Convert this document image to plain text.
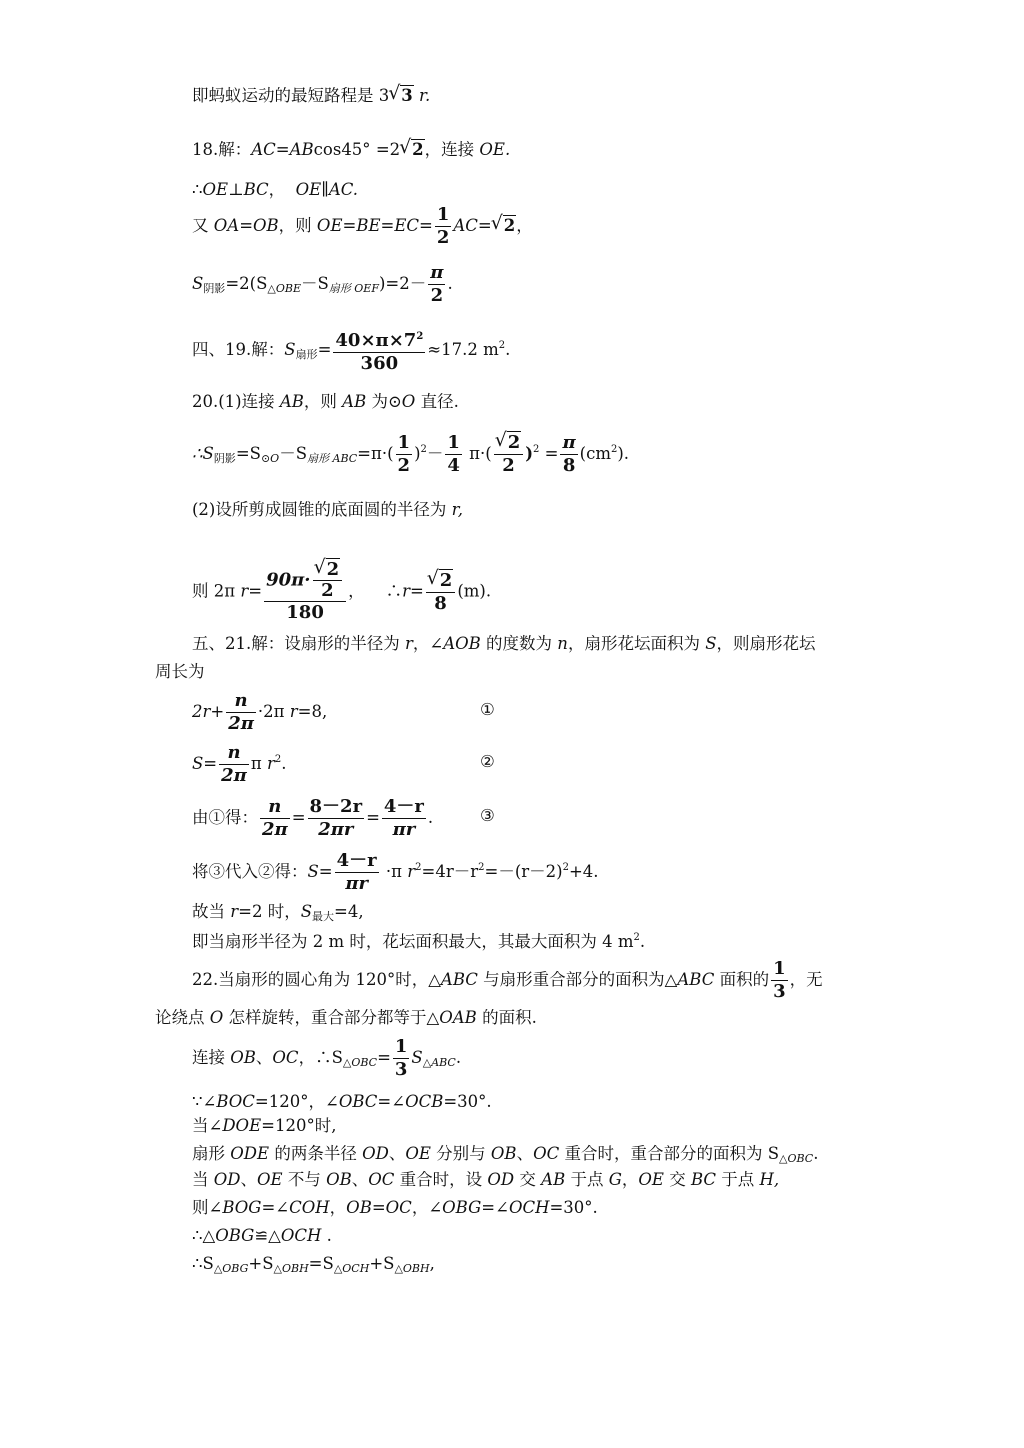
即蚂蚁运动的最短路程是 3√ 3 r.
18.解：AC=ABcos45° =2√ 2，连接 OE.
∴OE⊥BC， OE∥AC.
又 OA=OB，则 $OE=BE=EC= \frac{1}{2} AC=√$ 2，
$S_{阴影}=2(S_{\triangle OBE}-S_{扇形 OEF})=2- \frac{\pi}{2}$ .
四、19.解：$S_{扇形}= \frac{40\times\pi\times 7^2}{360} \approx 17.2$ $m^2$.
20.(1)连接 AB，则 AB 为⊙O 直径.
$\therefore S_{阴影}=S_{⊙O}-S_{扇形 ABC}=\pi\cdot( \frac{1}{2} )^2- \frac{1}{4} \pi\cdot$(
√ $\frac{2}{2} )^2 = \frac{\pi}{8} (cm^2)$.
(2)设所剪成圆锥的底面圆的半径为 r,
则 2π r= 90π·
√ $\frac{2}{2}$
180 ， ∴r=
√ $\frac{2}{8} (m)$.
五、21.解：设扇形的半径为 r，∠AOB 的度数为 n，扇形花坛面积为 S，则扇形花坛
周长为
$2r+ \frac{n}{2\pi} \cdot 2\pi$ r=8,	①
$S= \frac{n}{2\pi}$ π $r^2$.	②
由①得： $\frac{n}{2\pi} = \frac{8-2r}{2\pi r} = \frac{4-r}{\pi r}$ .	③
将③代入②得：$S= \frac{4-r}{\pi r} \cdot\pi$ $r^2=4r-r^2=-(r-2)^2+4$.
故当 r=2 时，$S_{最大}=4$,
即当扇形半径为 2 m 时，花坛面积最大，其最大面积为 4 $m^2$.
22.当扇形的圆心角为 120°时，△ABC 与扇形重合部分的面积为△ABC 面积的 $\frac{1}{3}$ ，无
论绕点 O 怎样旋转，重合部分都等于△OAB 的面积.
连接 OB、OC，$\therefore S_{\triangle OBC}= \frac{1}{3} S_{\triangle ABC}$.
∵∠BOC=120°，∠OBC=∠OCB=30°.
当∠DOE=120°时,
扇形 ODE 的两条半径 OD、OE 分别与 OB、OC 重合时，重合部分的面积为 $S_{\triangle OBC}$.
当 OD、OE 不与 OB、OC 重合时，设 OD 交 AB 于点 G，OE 交 BC 于点 H,
则∠BOG=∠COH，OB=OC，∠OBG=∠OCH=30°.
∴△OBG≌△OCH .
$\therefore S_{\triangle OBG}+S_{\triangle OBH}=S_{\triangle OCH}+S_{\triangle OBH}$,
